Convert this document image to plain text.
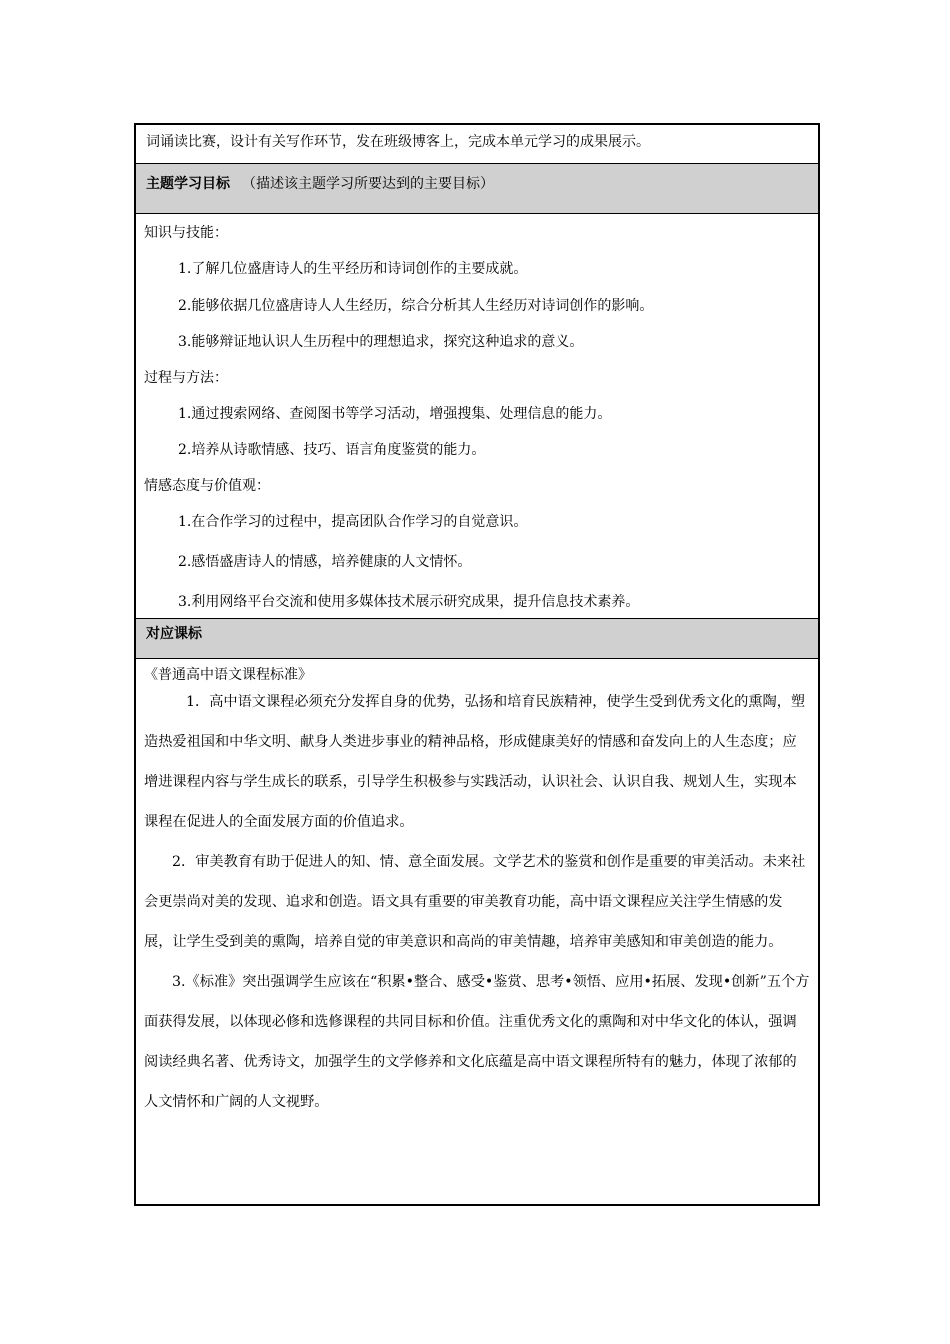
词诵读比赛，设计有关写作环节，发在班级博客上，完成本单元学习的成果展示。
主题学习目标 （描述该主题学习所要达到的主要目标）
知识与技能：
1.了解几位盛唐诗人的生平经历和诗词创作的主要成就。
2.能够依据几位盛唐诗人人生经历，综合分析其人生经历对诗词创作的影响。
3.能够辩证地认识人生历程中的理想追求，探究这种追求的意义。
过程与方法：
1.通过搜索网络、查阅图书等学习活动，增强搜集、处理信息的能力。
2.培养从诗歌情感、技巧、语言角度鉴赏的能力。
情感态度与价值观：
1.在合作学习的过程中，提高团队合作学习的自觉意识。
2.感悟盛唐诗人的情感，培养健康的人文情怀。
3.利用网络平台交流和使用多媒体技术展示研究成果，提升信息技术素养。
对应课标
《普通高中语文课程标准》
1．高中语文课程必须充分发挥自身的优势，弘扬和培育民族精神，使学生受到优秀文化的熏陶，塑造热爱祖国和中华文明、献身人类进步事业的精神品格，形成健康美好的情感和奋发向上的人生态度；应增进课程内容与学生成长的联系，引导学生积极参与实践活动，认识社会、认识自我、规划人生，实现本课程在促进人的全面发展方面的价值追求。
2．审美教育有助于促进人的知、情、意全面发展。文学艺术的鉴赏和创作是重要的审美活动。未来社会更崇尚对美的发现、追求和创造。语文具有重要的审美教育功能，高中语文课程应关注学生情感的发展，让学生受到美的熏陶，培养自觉的审美意识和高尚的审美情趣，培养审美感知和审美创造的能力。
3.《标准》突出强调学生应该在“积累•整合、感受•鉴赏、思考•领悟、应用•拓展、发现•创新”五个方面获得发展，以体现必修和选修课程的共同目标和价值。注重优秀文化的熏陶和对中华文化的体认，强调阅读经典名著、优秀诗文，加强学生的文学修养和文化底蕴是高中语文课程所特有的魅力，体现了浓郁的人文情怀和广阔的人文视野。
